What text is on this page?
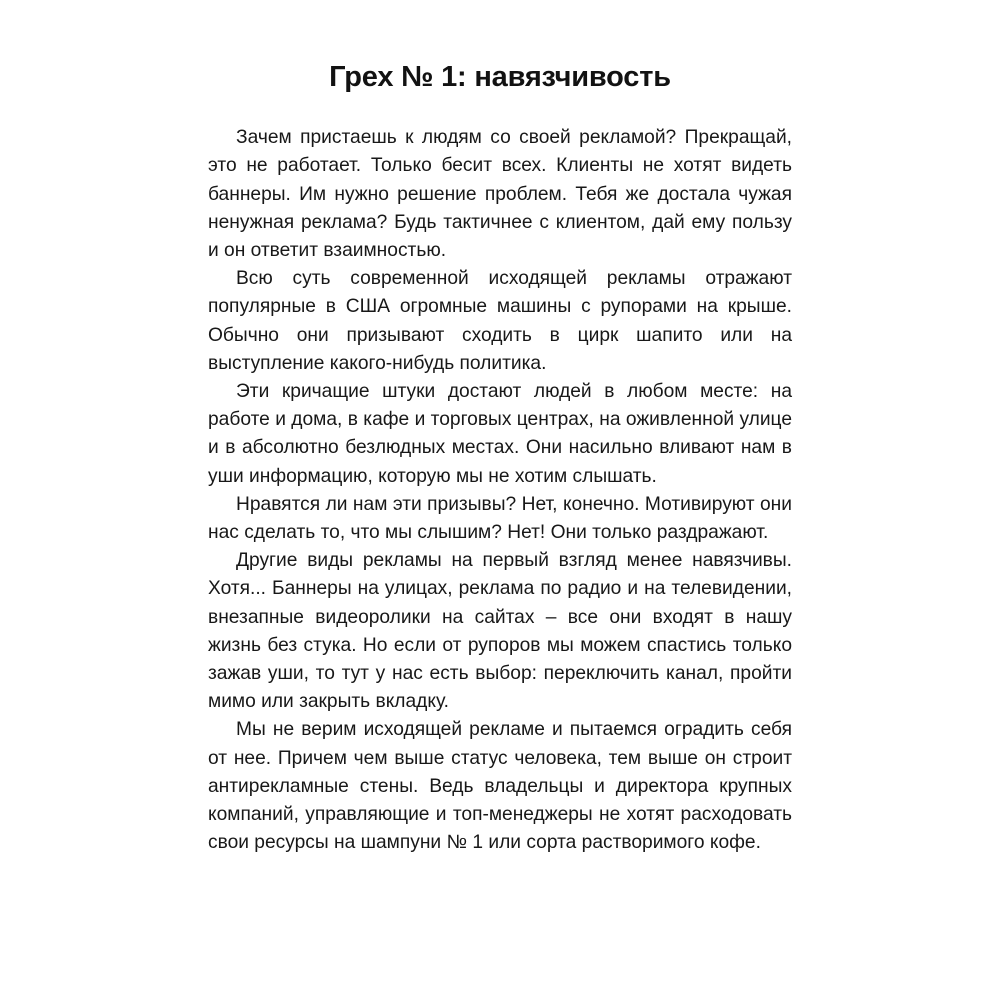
Грех № 1: навязчивость

Зачем пристаешь к людям со своей рекламой? Прекращай, это не работает. Только бесит всех. Клиенты не хотят видеть баннеры. Им нужно решение проблем. Тебя же достала чужая ненужная реклама? Будь тактичнее с клиентом, дай ему пользу и он ответит взаимностью.

Всю суть современной исходящей рекламы отражают популярные в США огромные машины с рупорами на крыше. Обычно они призывают сходить в цирк шапито или на выступление какого-нибудь политика.

Эти кричащие штуки достают людей в любом месте: на работе и дома, в кафе и торговых центрах, на оживленной улице и в абсолютно безлюдных местах. Они насильно вливают нам в уши информацию, которую мы не хотим слышать.

Нравятся ли нам эти призывы? Нет, конечно. Мотивируют они нас сделать то, что мы слышим? Нет! Они только раздражают.

Другие виды рекламы на первый взгляд менее навязчивы. Хотя... Баннеры на улицах, реклама по радио и на телевидении, внезапные видеоролики на сайтах – все они входят в нашу жизнь без стука. Но если от рупоров мы можем спастись только зажав уши, то тут у нас есть выбор: переключить канал, пройти мимо или закрыть вкладку.

Мы не верим исходящей рекламе и пытаемся оградить себя от нее. Причем чем выше статус человека, тем выше он строит антирекламные стены. Ведь владельцы и директора крупных компаний, управляющие и топ-менеджеры не хотят расходовать свои ресурсы на шампуни № 1 или сорта растворимого кофе.
